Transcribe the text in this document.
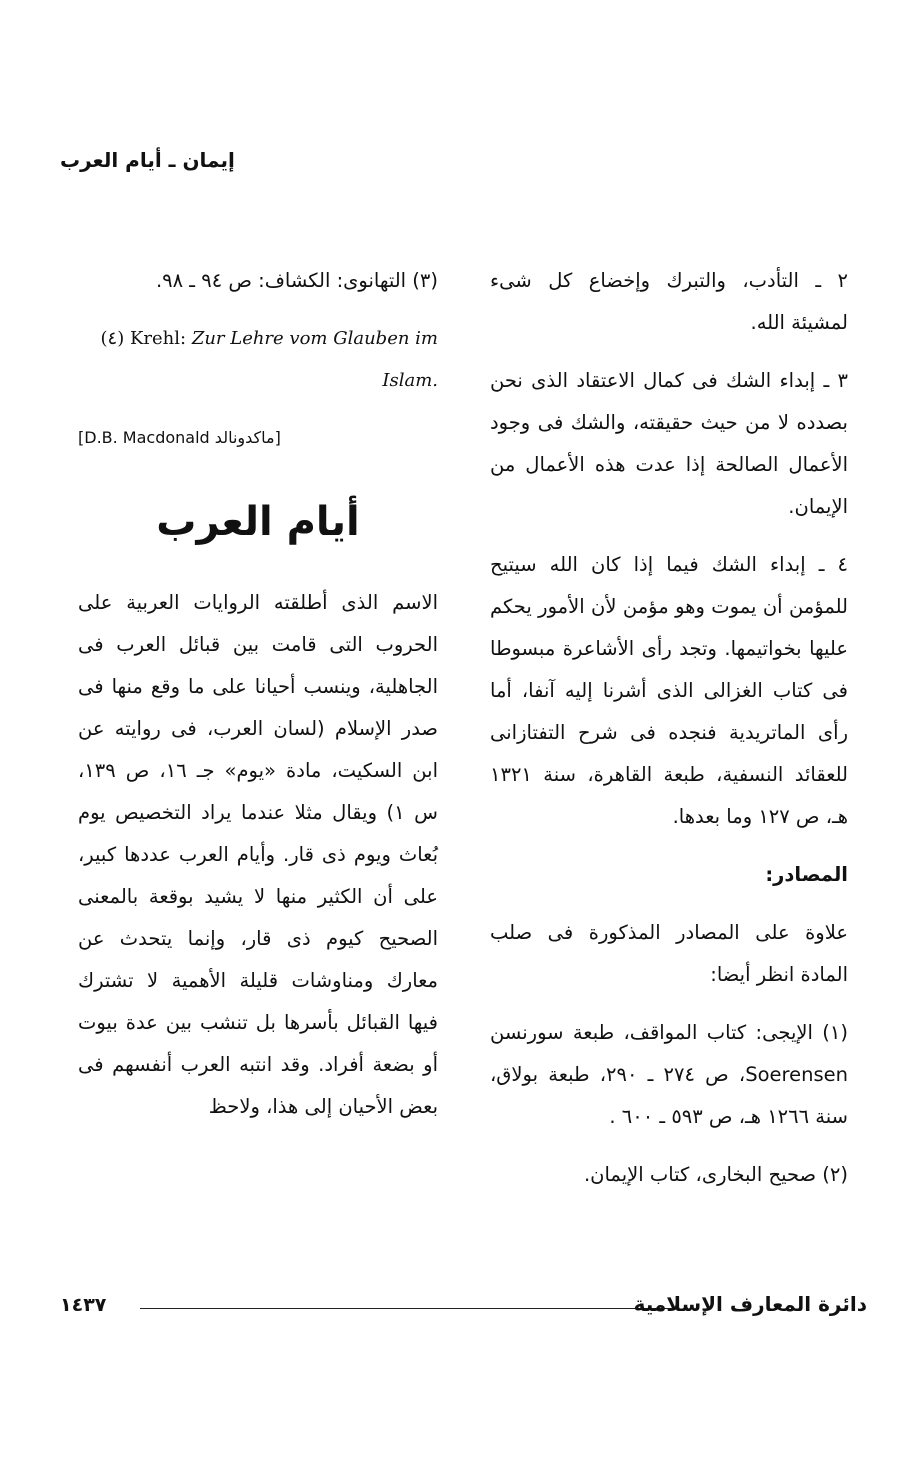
إيمان ـ أيام العرب

٢ ـ التأدب، والتبرك وإخضاع كل شىء لمشيئة الله.

٣ ـ إبداء الشك فى كمال الاعتقاد الذى نحن بصدده لا من حيث حقيقته، والشك فى وجود الأعمال الصالحة إذا عدت هذه الأعمال من الإيمان.

٤ ـ إبداء الشك فيما إذا كان الله سيتيح للمؤمن أن يموت وهو مؤمن لأن الأمور يحكم عليها بخواتيمها. وتجد رأى الأشاعرة مبسوطا فى كتاب الغزالى الذى أشرنا إليه آنفا، أما رأى الماتريدية فنجده فى شرح التفتازانى للعقائد النسفية، طبعة القاهرة، سنة ١٣٢١ هـ، ص ١٢٧ وما بعدها.

المصادر:

علاوة على المصادر المذكورة فى صلب المادة انظر أيضا:

(١) الإيجى: كتاب المواقف، طبعة سورنسن Soerensen، ص ٢٧٤ ـ ٢٩٠، طبعة بولاق، سنة ١٢٦٦ هـ، ص ٥٩٣ ـ ٦٠٠ .

(٢) صحيح البخارى، كتاب الإيمان.

(٣) التهانوى: الكشاف: ص ٩٤ ـ ٩٨.

(٤) Krehl: Zur Lehre vom Glauben im Islam.

[ماكدونالد D.B. Macdonald]
أيام العرب

الاسم الذى أطلقته الروايات العربية على الحروب التى قامت بين قبائل العرب فى الجاهلية، وينسب أحيانا على ما وقع منها فى صدر الإسلام (لسان العرب، فى روايته عن ابن السكيت، مادة «يوم» جـ ١٦، ص ١٣٩، س ١) ويقال مثلا عندما يراد التخصيص يوم بُعاث ويوم ذى قار. وأيام العرب عددها كبير، على أن الكثير منها لا يشيد بوقعة بالمعنى الصحيح كيوم ذى قار، وإنما يتحدث عن معارك ومناوشات قليلة الأهمية لا تشترك فيها القبائل بأسرها بل تنشب بين عدة بيوت أو بضعة أفراد. وقد انتبه العرب أنفسهم فى بعض الأحيان إلى هذا، ولاحظ

١٤٣٧	دائرة المعارف الإسلامية
